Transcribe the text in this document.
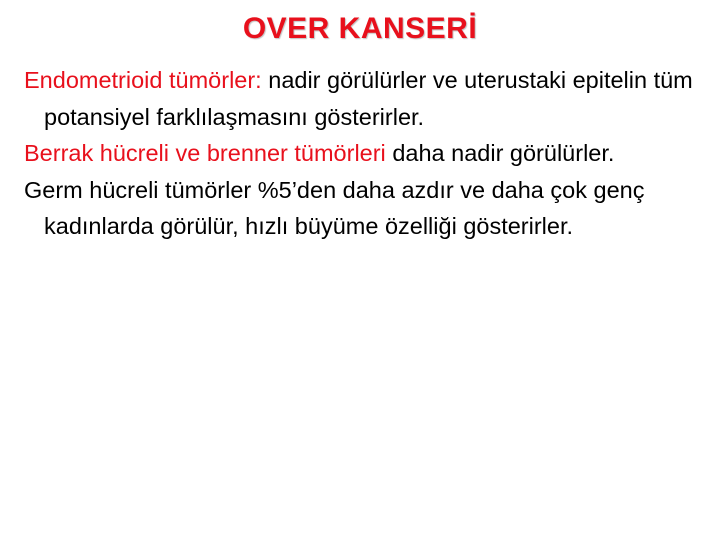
OVER KANSERİ

Endometrioid tümörler: nadir görülürler ve uterustaki epitelin tüm potansiyel farklılaşmasını gösterirler.

Berrak hücreli ve brenner tümörleri daha nadir görülürler.

Germ hücreli tümörler %5’den daha azdır ve daha çok genç kadınlarda görülür, hızlı büyüme özelliği gösterirler.
